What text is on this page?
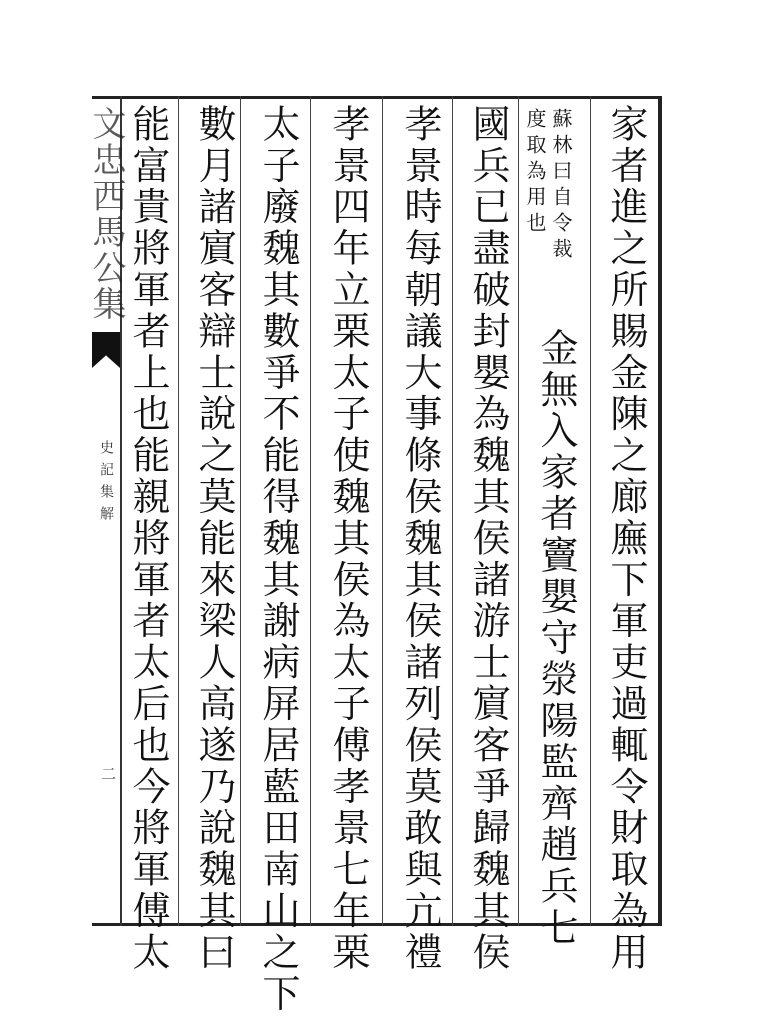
文忠西馬公集
史記集解
二	家者進之所賜金陳之廊廡下軍吏過輒令財取為用
蘇林曰自令裁
度取為用也
金無入家者竇嬰守滎陽監齊趙兵七
國兵已盡破封嬰為魏其侯諸游士賔客爭歸魏其侯
孝景時每朝議大事條侯魏其侯諸列侯莫敢與亢禮
孝景四年立栗太子使魏其侯為太子傅孝景七年栗
太子廢魏其數爭不能得魏其謝病屏居藍田南山之下
數月諸賔客辯士說之莫能來梁人高遂乃說魏其曰
能富貴將軍者上也能親將軍者太后也今將軍傅太
